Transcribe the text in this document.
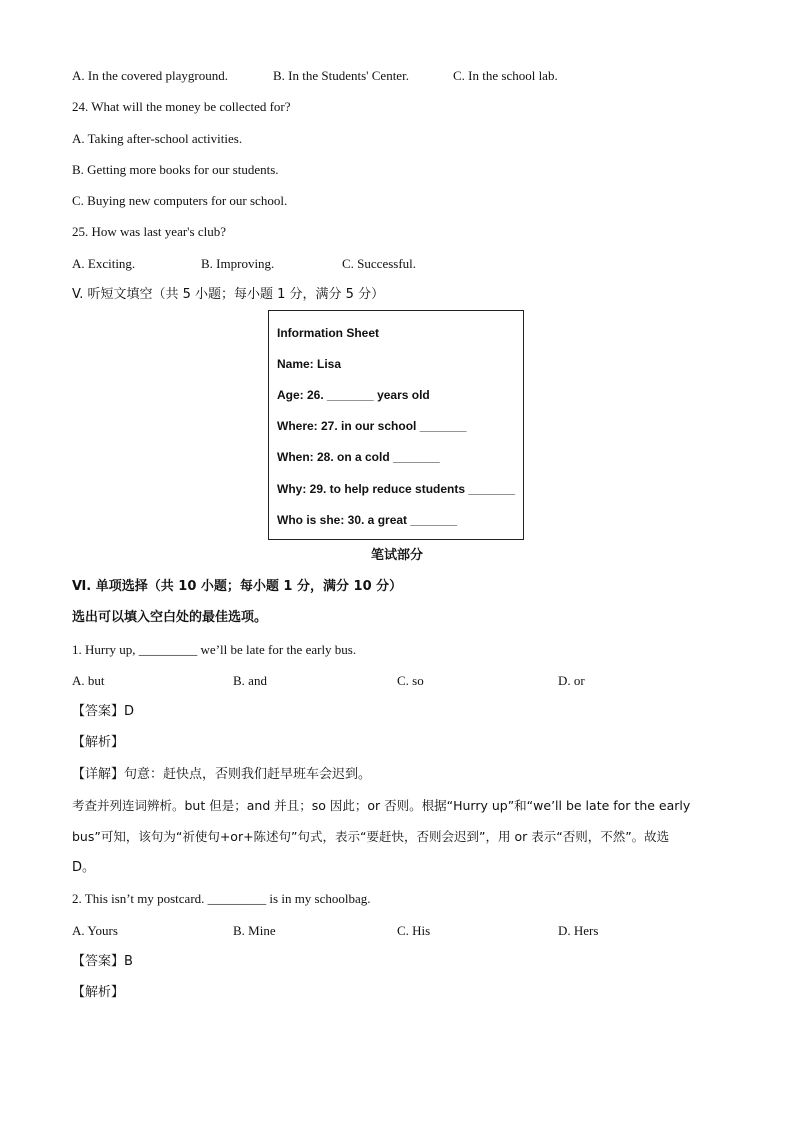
A. In the covered playground.	B. In the Students' Center.	C. In the school lab.
24. What will the money be collected for?
A. Taking after-school activities.
B. Getting more books for our students.
C. Buying new computers for our school.
25. How was last year's club?
A. Exciting.	B. Improving.	C. Successful.
V. 听短文填空（共 5 小题；每小题 1 分，满分 5 分）
Information Sheet
Name: Lisa
Age: 26. _______ years old
Where: 27. in our school _______
When: 28. on a cold _______
Why: 29. to help reduce students _______
Who is she: 30. a great _______
笔试部分
Ⅵ. 单项选择（共 10 小题；每小题 1 分，满分 10 分）
选出可以填入空白处的最佳选项。
1. Hurry up, _________ we’ll be late for the early bus.
A. but	B. and	C. so	D. or
【答案】D
【解析】
【详解】句意：赶快点，否则我们赶早班车会迟到。
考查并列连词辨析。but 但是；and 并且；so 因此；or 否则。根据“Hurry up”和“we’ll be late for the early
bus”可知，该句为“祈使句+or+陈述句”句式，表示“要赶快，否则会迟到”，用 or 表示“否则，不然”。故选
D。
2. This isn’t my postcard. _________ is in my schoolbag.
A. Yours	B. Mine	C. His	D. Hers
【答案】B
【解析】
